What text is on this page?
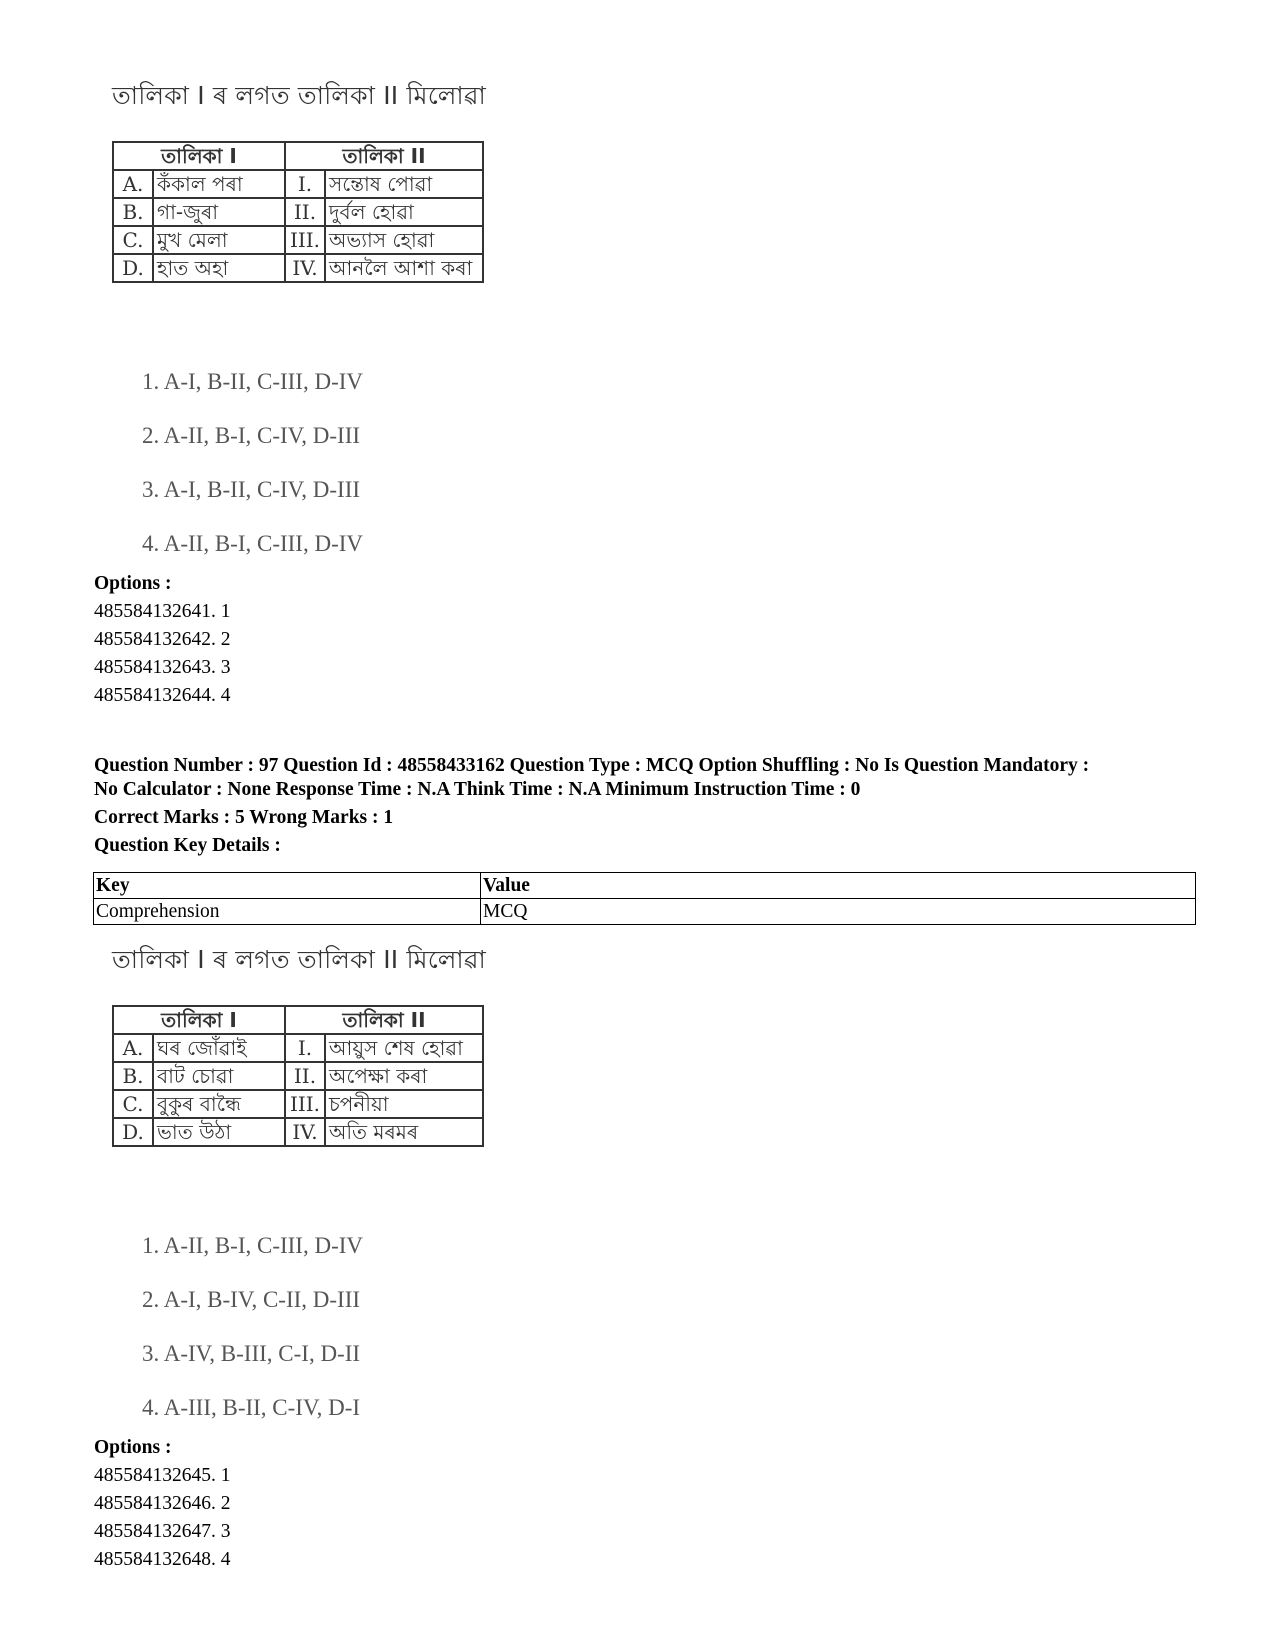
তালিকা I ৰ লগত তালিকা II মিলোৱা
তালিকা I		তালিকা II	
A.	কঁকাল পৰা	I.	সন্তোষ পোৱা
B.	গা-জুৰা	II.	দুৰ্বল হোৱা
C.	মুখ মেলা	III.	অভ্যাস হোৱা
D.	হাত অহা	IV.	আনলৈ আশা কৰা
1. A-I, B-II, C-III, D-IV
2. A-II, B-I, C-IV, D-III
3. A-I, B-II, C-IV, D-III
4. A-II, B-I, C-III, D-IV
Options :
485584132641. 1
485584132642. 2
485584132643. 3
485584132644. 4
Question Number : 97 Question Id : 48558433162 Question Type : MCQ Option Shuffling : No Is Question Mandatory :
No Calculator : None Response Time : N.A Think Time : N.A Minimum Instruction Time : 0
Correct Marks : 5 Wrong Marks : 1
Question Key Details :
Key	Value
Comprehension	MCQ
তালিকা I ৰ লগত তালিকা II মিলোৱা
তালিকা I		তালিকা II	
A.	ঘৰ জোঁৱাই	I.	আয়ুস শেষ হোৱা
B.	বাট চোৱা	II.	অপেক্ষা কৰা
C.	বুকুৰ বান্ধৈ	III.	চপনীয়া
D.	ভাত উঠা	IV.	অতি মৰমৰ
1. A-II, B-I, C-III, D-IV
2. A-I, B-IV, C-II, D-III
3. A-IV, B-III, C-I, D-II
4. A-III, B-II, C-IV, D-I
Options :
485584132645. 1
485584132646. 2
485584132647. 3
485584132648. 4
